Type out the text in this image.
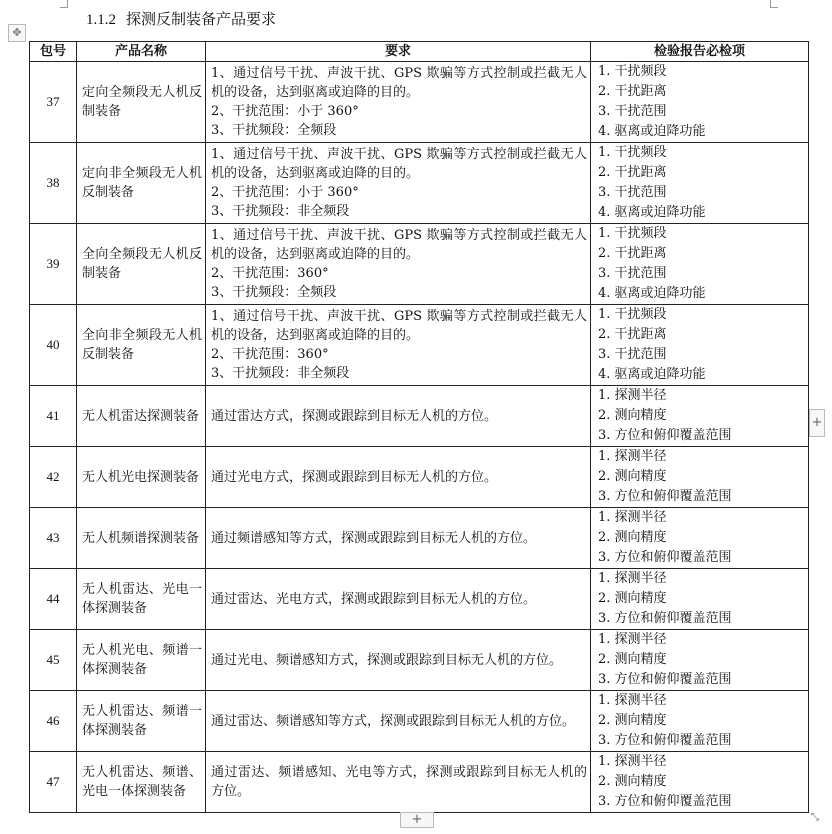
1.1.2 探测反制装备产品要求
✥
包号	产品名称	要求	检验报告必检项
37	定向全频段无人机反制装备	1、通过信号干扰、声波干扰、GPS 欺骗等方式控制或拦截无人机的设备，达到驱离或迫降的目的。
2、干扰范围：小于 360°
3、干扰频段：全频段	1. 干扰频段
2. 干扰距离
3. 干扰范围
4. 驱离或迫降功能

38	定向非全频段无人机反制装备	1、通过信号干扰、声波干扰、GPS 欺骗等方式控制或拦截无人机的设备，达到驱离或迫降的目的。
2、干扰范围：小于 360°
3、干扰频段：非全频段	1. 干扰频段
2. 干扰距离
3. 干扰范围
4. 驱离或迫降功能

39	全向全频段无人机反制装备	1、通过信号干扰、声波干扰、GPS 欺骗等方式控制或拦截无人机的设备，达到驱离或迫降的目的。
2、干扰范围：360°
3、干扰频段：全频段	1. 干扰频段
2. 干扰距离
3. 干扰范围
4. 驱离或迫降功能

40	全向非全频段无人机反制装备	1、通过信号干扰、声波干扰、GPS 欺骗等方式控制或拦截无人机的设备，达到驱离或迫降的目的。
2、干扰范围：360°
3、干扰频段：非全频段	1. 干扰频段
2. 干扰距离
3. 干扰范围
4. 驱离或迫降功能

41	无人机雷达探测装备	通过雷达方式，探测或跟踪到目标无人机的方位。	1. 探测半径
2. 测向精度
3. 方位和俯仰覆盖范围

42	无人机光电探测装备	通过光电方式，探测或跟踪到目标无人机的方位。	1. 探测半径
2. 测向精度
3. 方位和俯仰覆盖范围

43	无人机频谱探测装备	通过频谱感知等方式，探测或跟踪到目标无人机的方位。	1. 探测半径
2. 测向精度
3. 方位和俯仰覆盖范围

44	无人机雷达、光电一体探测装备	通过雷达、光电方式，探测或跟踪到目标无人机的方位。	1. 探测半径
2. 测向精度
3. 方位和俯仰覆盖范围

45	无人机光电、频谱一体探测装备	通过光电、频谱感知方式，探测或跟踪到目标无人机的方位。	1. 探测半径
2. 测向精度
3. 方位和俯仰覆盖范围

46	无人机雷达、频谱一体探测装备	通过雷达、频谱感知等方式，探测或跟踪到目标无人机的方位。	1. 探测半径
2. 测向精度
3. 方位和俯仰覆盖范围

47	无人机雷达、频谱、光电一体探测装备	通过雷达、频谱感知、光电等方式，探测或跟踪到目标无人机的方位。	1. 探测半径
2. 测向精度
3. 方位和俯仰覆盖范围
+
+	⤡
